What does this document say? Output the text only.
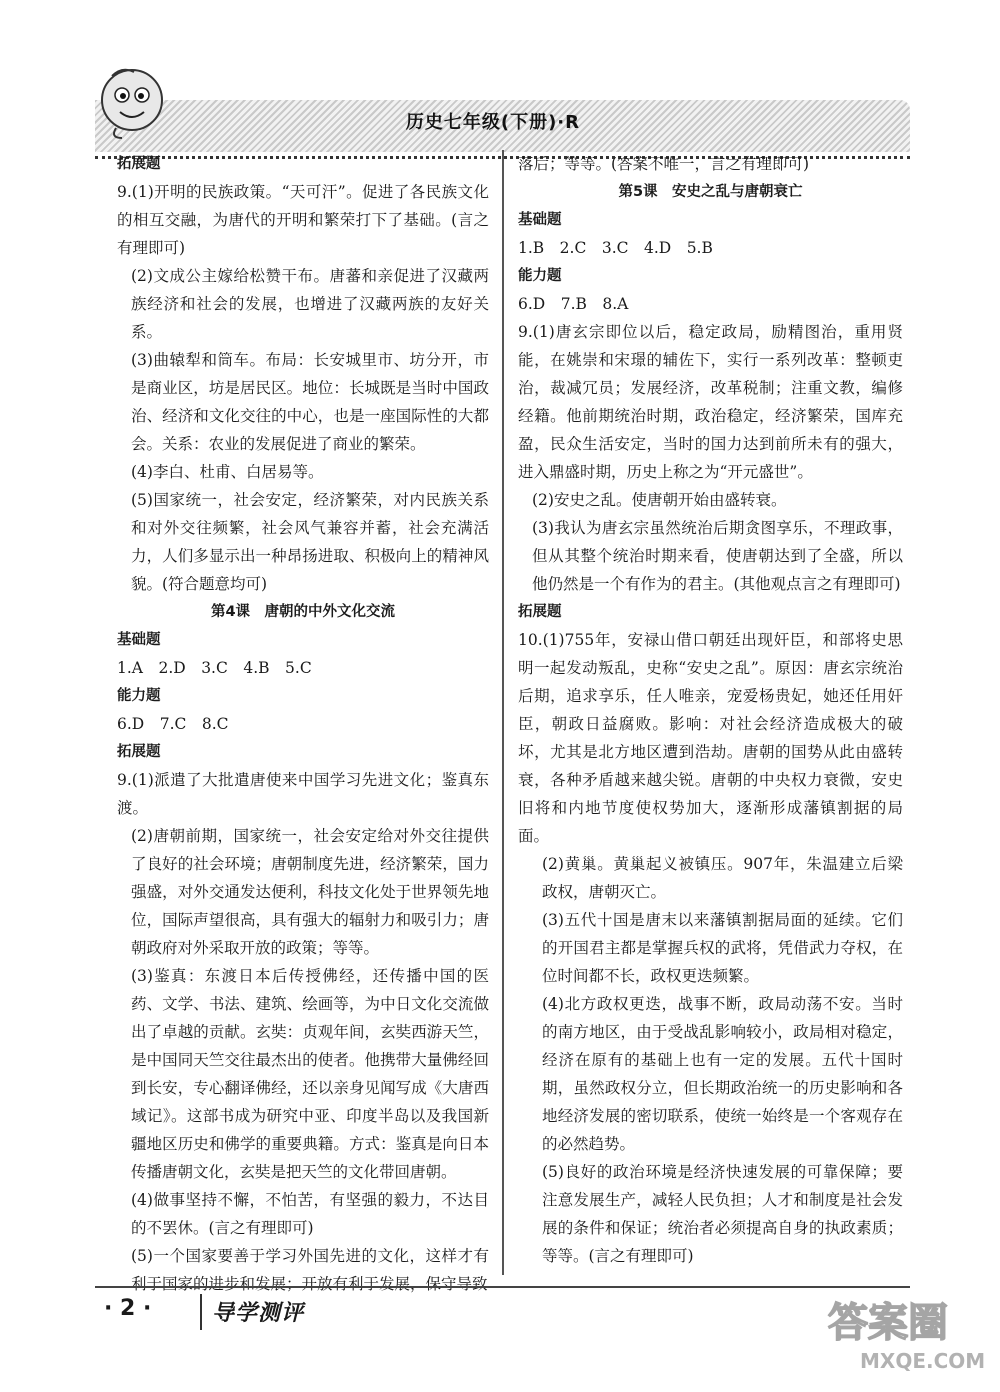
历史七年级(下册)·R
拓展题
9.(1)开明的民族政策。“天可汗”。促进了各民族文化的相互交融，为唐代的开明和繁荣打下了基础。(言之有理即可)
(2)文成公主嫁给松赞干布。唐蕃和亲促进了汉藏两族经济和社会的发展，也增进了汉藏两族的友好关系。
(3)曲辕犁和筒车。布局：长安城里市、坊分开，市是商业区，坊是居民区。地位：长城既是当时中国政治、经济和文化交往的中心，也是一座国际性的大都会。关系：农业的发展促进了商业的繁荣。
(4)李白、杜甫、白居易等。
(5)国家统一，社会安定，经济繁荣，对内民族关系和对外交往频繁，社会风气兼容并蓄，社会充满活力，人们多显示出一种昂扬进取、积极向上的精神风貌。(符合题意均可)
第4课　唐朝的中外文化交流
基础题
1.A　2.D　3.C　4.B　5.C
能力题
6.D　7.C　8.C
拓展题
9.(1)派遣了大批遣唐使来中国学习先进文化；鉴真东渡。
(2)唐朝前期，国家统一，社会安定给对外交往提供了良好的社会环境；唐朝制度先进，经济繁荣，国力强盛，对外交通发达便利，科技文化处于世界领先地位，国际声望很高，具有强大的辐射力和吸引力；唐朝政府对外采取开放的政策；等等。
(3)鉴真：东渡日本后传授佛经，还传播中国的医药、文学、书法、建筑、绘画等，为中日文化交流做出了卓越的贡献。玄奘：贞观年间，玄奘西游天竺，是中国同天竺交往最杰出的使者。他携带大量佛经回到长安，专心翻译佛经，还以亲身见闻写成《大唐西域记》。这部书成为研究中亚、印度半岛以及我国新疆地区历史和佛学的重要典籍。方式：鉴真是向日本传播唐朝文化，玄奘是把天竺的文化带回唐朝。
(4)做事坚持不懈，不怕苦，有坚强的毅力，不达目的不罢休。(言之有理即可)
(5)一个国家要善于学习外国先进的文化，这样才有利于国家的进步和发展；开放有利于发展，保守导致
落后；等等。(答案不唯一，言之有理即可)
第5课　安史之乱与唐朝衰亡
基础题
1.B　2.C　3.C　4.D　5.B
能力题
6.D　7.B　8.A
9.(1)唐玄宗即位以后，稳定政局，励精图治，重用贤能，在姚崇和宋璟的辅佐下，实行一系列改革：整顿吏治，裁减冗员；发展经济，改革税制；注重文教，编修经籍。他前期统治时期，政治稳定，经济繁荣，国库充盈，民众生活安定，当时的国力达到前所未有的强大，进入鼎盛时期，历史上称之为“开元盛世”。
(2)安史之乱。使唐朝开始由盛转衰。
(3)我认为唐玄宗虽然统治后期贪图享乐，不理政事，但从其整个统治时期来看，使唐朝达到了全盛，所以他仍然是一个有作为的君主。(其他观点言之有理即可)
拓展题
10.(1)755年，安禄山借口朝廷出现奸臣，和部将史思明一起发动叛乱，史称“安史之乱”。原因：唐玄宗统治后期，追求享乐，任人唯亲，宠爱杨贵妃，她还任用奸臣，朝政日益腐败。影响：对社会经济造成极大的破坏，尤其是北方地区遭到浩劫。唐朝的国势从此由盛转衰，各种矛盾越来越尖锐。唐朝的中央权力衰微，安史旧将和内地节度使权势加大，逐渐形成藩镇割据的局面。
(2)黄巢。黄巢起义被镇压。907年，朱温建立后梁政权，唐朝灭亡。
(3)五代十国是唐末以来藩镇割据局面的延续。它们的开国君主都是掌握兵权的武将，凭借武力夺权，在位时间都不长，政权更迭频繁。
(4)北方政权更迭，战事不断，政局动荡不安。当时的南方地区，由于受战乱影响较小，政局相对稳定，经济在原有的基础上也有一定的发展。五代十国时期，虽然政权分立，但长期政治统一的历史影响和各地经济发展的密切联系，使统一始终是一个客观存在的必然趋势。
(5)良好的政治环境是经济快速发展的可靠保障；要注意发展生产，减轻人民负担；人才和制度是社会发展的条件和保证；统治者必须提高自身的执政素质；等等。(言之有理即可)
· 2 ·	导学测评	答案圈
MXQE.COM
